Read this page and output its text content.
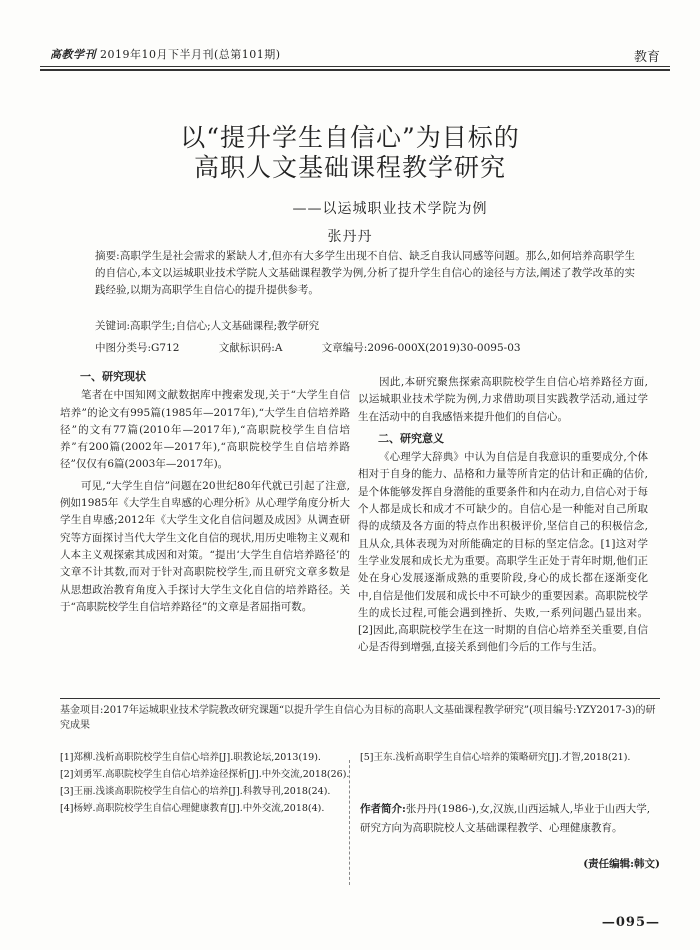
高教学刊 2019年10月下半月刊(总第101期)	教育
以“提升学生自信心”为目标的
高职人文基础课程教学研究
——以运城职业技术学院为例
张丹丹
摘要:高职学生是社会需求的紧缺人才,但亦有大多学生出现不自信、缺乏自我认同感等问题。那么,如何培养高职学生的自信心,本文以运城职业技术学院人文基础课程教学为例,分析了提升学生自信心的途径与方法,阐述了教学改革的实践经验,以期为高职学生自信心的提升提供参考。
关键词:高职学生;自信心;人文基础课程;教学研究
中图分类号:G712	文献标识码:A	文章编号:2096-000X(2019)30-0095-03
一、研究现状

笔者在中国知网文献数据库中搜索发现,关于“大学生自信培养”的论文有995篇(1985年—2017年),“大学生自信培养路径”的文有77篇(2010年—2017年),“高职院校学生自信培养”有200篇(2002年—2017年),“高职院校学生自信培养路径”仅仅有6篇(2003年—2017年)。

可见,“大学生自信”问题在20世纪80年代就已引起了注意,例如1985年《大学生自卑感的心理分析》从心理学角度分析大学生自卑感;2012年《大学生文化自信问题及成因》从调查研究等方面探讨当代大学生文化自信的现状,用历史唯物主义观和人本主义观探索其成因和对策。“提出‘大学生自信培养路径’的文章不计其数,而对于针对高职院校学生,而且研究文章多数是从思想政治教育角度入手探讨大学生文化自信的培养路径。关于“高职院校学生自信培养路径”的文章是者屈指可数。

因此,本研究聚焦探索高职院校学生自信心培养路径方面,以运城职业技术学院为例,力求借助项目实践教学活动,通过学生在活动中的自我感悟来提升他们的自信心。

二、研究意义

《心理学大辞典》中认为自信是自我意识的重要成分,个体相对于自身的能力、品格和力量等所肯定的估计和正确的估价,是个体能够发挥自身潜能的重要条件和内在动力,自信心对于每个人都是成长和成才不可缺少的。自信心是一种能对自己所取得的成绩及各方面的特点作出积极评价,坚信自己的积极信念,且从众,具体表现为对所能确定的目标的坚定信念。[1]这对学生学业发展和成长尤为重要。高职学生正处于青年时期,他们正处在身心发展逐渐成熟的重要阶段,身心的成长都在逐渐变化中,自信是他们发展和成长中不可缺少的重要因素。高职院校学生的成长过程,可能会遇到挫折、失败,一系列问题凸显出来。[2]因此,高职院校学生在这一时期的自信心培养至关重要,自信心是否得到增强,直接关系到他们今后的工作与生活。

基金项目:2017年运城职业技术学院教改研究课题“以提升学生自信心为目标的高职人文基础课程教学研究”(项目编号:YZY2017-3)的研究成果
[1]郑柳.浅析高职院校学生自信心培养[J].职教论坛,2013(19).
[2]刘勇军.高职院校学生自信心培养途径探析[J].中外交流,2018(26).
[3]王丽.浅谈高职院校学生自信心的培养[J].科教导刊,2018(24).
[4]杨婷.高职院校学生自信心理健康教育[J].中外交流,2018(4).
[5]王东.浅析高职学生自信心培养的策略研究[J].才智,2018(21).
作者简介:张丹丹(1986-),女,汉族,山西运城人,毕业于山西大学,研究方向为高职院校人文基础课程教学、心理健康教育。
(责任编辑:韩文)
—095—
